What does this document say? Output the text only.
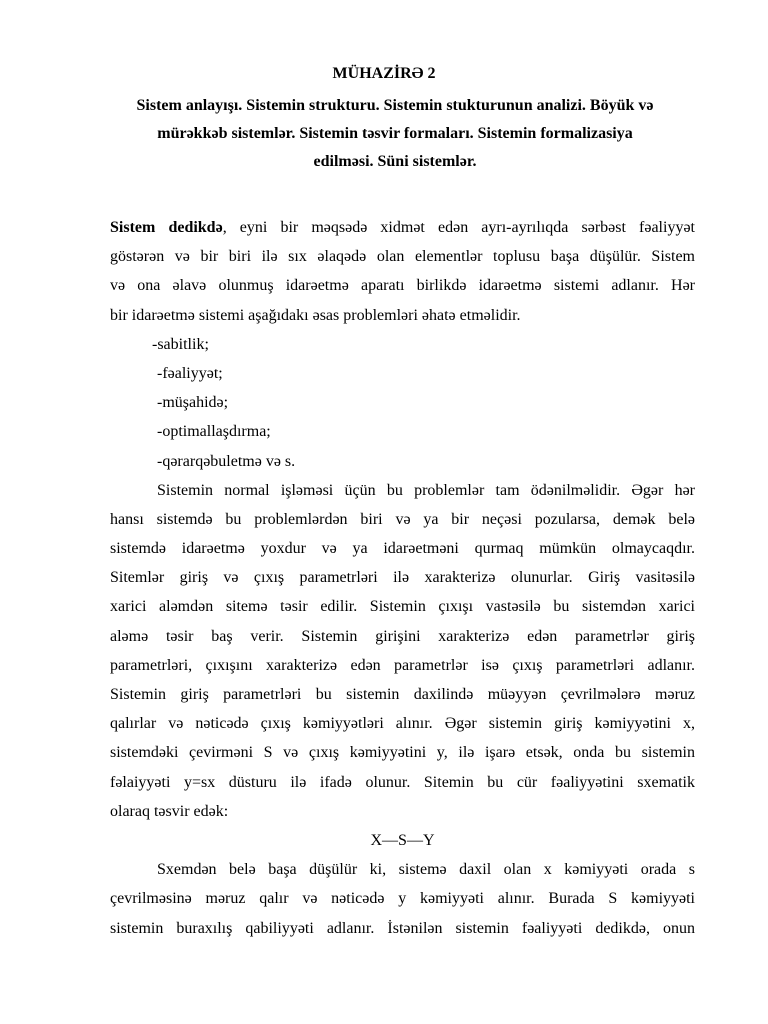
MÜHAZİRƏ 2
Sistem anlayışı. Sistemin strukturu. Sistemin stukturunun analizi. Böyük və
mürəkkəb sistemlər. Sistemin təsvir formaları. Sistemin formalizasiya
edilməsi. Süni sistemlər.
Sistem dedikdə, eyni bir məqsədə xidmət edən ayrı-ayrılıqda sərbəst fəaliyyət
göstərən və bir biri ilə sıx əlaqədə olan elementlər toplusu başa düşülür. Sistem
və ona əlavə olunmuş idarəetmə aparatı birlikdə idarəetmə sistemi adlanır. Hər
bir idarəetmə sistemi aşağıdakı əsas problemləri əhatə etməlidir.
-sabitlik;
-fəaliyyət;
-müşahidə;
-optimallaşdırma;
-qərarqəbuletmə və s.
Sistemin normal işləməsi üçün bu problemlər tam ödənilməlidir. Əgər hər
hansı sistemdə bu problemlərdən biri və ya bir neçəsi pozularsa, demək belə
sistemdə idarəetmə yoxdur və ya idarəetməni qurmaq mümkün olmaycaqdır.
Sitemlər giriş və çıxış parametrləri ilə xarakterizə olunurlar. Giriş vasitəsilə
xarici aləmdən sitemə təsir edilir. Sistemin çıxışı vastəsilə bu sistemdən xarici
aləmə təsir baş verir. Sistemin girişini xarakterizə edən parametrlər giriş
parametrləri, çıxışını xarakterizə edən parametrlər isə çıxış parametrləri adlanır.
Sistemin giriş parametrləri bu sistemin daxilində müəyyən çevrilmələrə məruz
qalırlar və nəticədə çıxış kəmiyyətləri alınır. Əgər sistemin giriş kəmiyyətini x,
sistemdəki çevirməni S və çıxış kəmiyyətini y, ilə işarə etsək, onda bu sistemin
fəlaiyyəti y=sx düsturu ilə ifadə olunur. Sitemin bu cür fəaliyyətini sxematik
olaraq təsvir edək:
X—S—Y
Sxemdən belə başa düşülür ki, sistemə daxil olan x kəmiyyəti orada s
çevrilməsinə məruz qalır və nəticədə y kəmiyyəti alınır. Burada S kəmiyyəti
sistemin buraxılış qabiliyyəti adlanır. İstənilən sistemin fəaliyyəti dedikdə, onun
